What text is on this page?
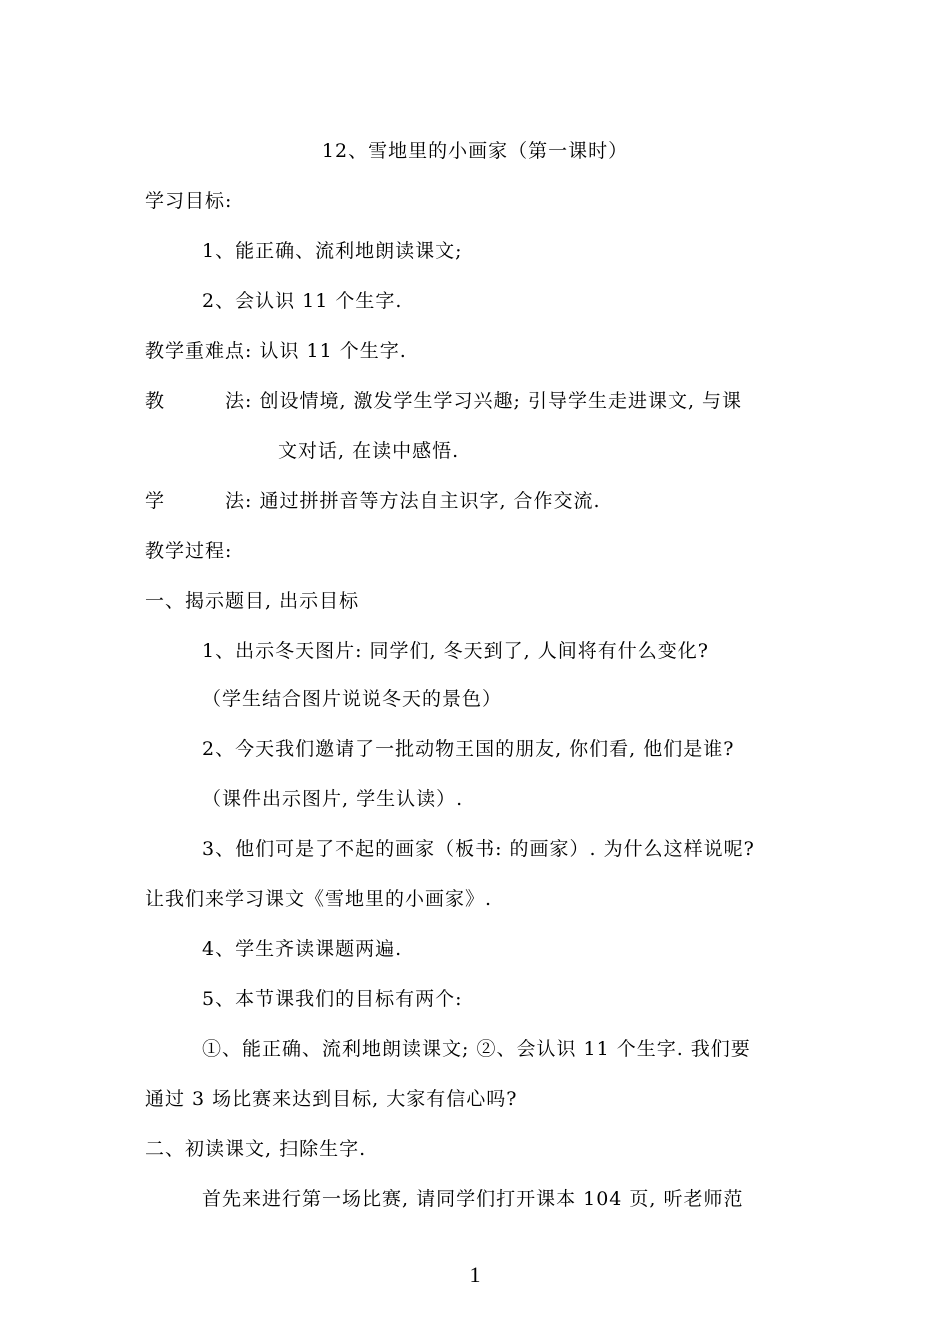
12、雪地里的小画家（第一课时）
学习目标:
1、能正确、流利地朗读课文;
2、会认识 11 个生字.
教学重难点: 认识 11 个生字.
教　　　法: 创设情境, 激发学生学习兴趣; 引导学生走进课文, 与课
文对话, 在读中感悟.
学　　　法: 通过拼拼音等方法自主识字, 合作交流.
教学过程:
一、揭示题目, 出示目标
1、出示冬天图片: 同学们, 冬天到了, 人间将有什么变化?
（学生结合图片说说冬天的景色）
2、今天我们邀请了一批动物王国的朋友, 你们看, 他们是谁?
（课件出示图片, 学生认读）.
3、他们可是了不起的画家（板书: 的画家）. 为什么这样说呢?
让我们来学习课文《雪地里的小画家》.
4、学生齐读课题两遍.
5、本节课我们的目标有两个:
①、能正确、流利地朗读课文; ②、会认识 11 个生字. 我们要
通过 3 场比赛来达到目标, 大家有信心吗?
二、初读课文, 扫除生字.
首先来进行第一场比赛, 请同学们打开课本 104 页, 听老师范
1
